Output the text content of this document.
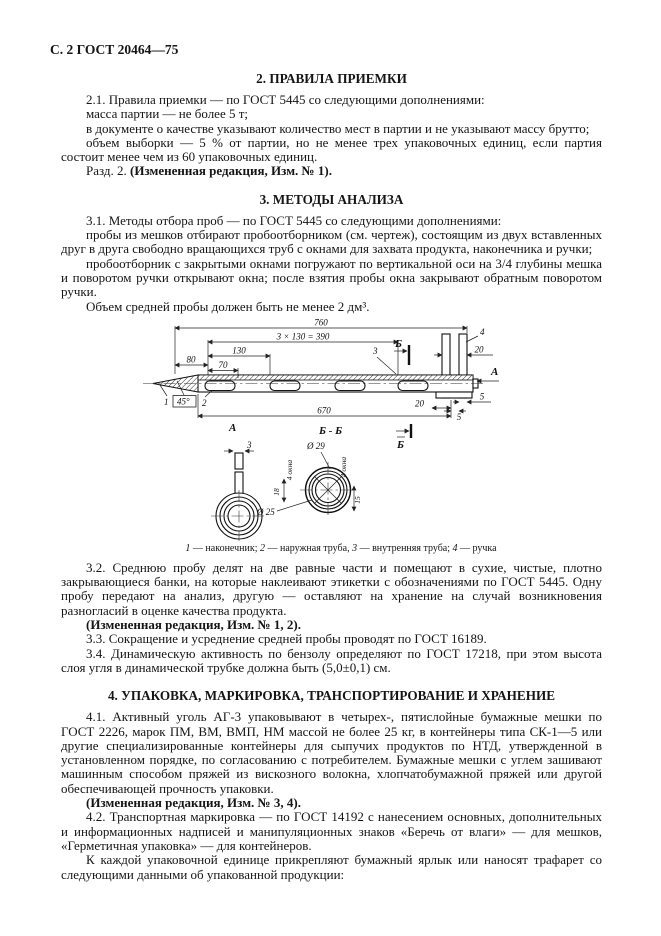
С. 2 ГОСТ 20464—75
2. ПРАВИЛА ПРИЕМКИ

2.1. Правила приемки — по ГОСТ 5445 со следующими дополнениями:

масса партии — не более 5 т;

в документе о качестве указывают количество мест в партии и не указывают массу брутто;

объем выборки — 5 % от партии, но не менее трех упаковочных единиц, если партия состоит менее чем из 60 упаковочных единиц.

Разд. 2. (Измененная редакция, Изм. № 1).

3. МЕТОДЫ АНАЛИЗА

3.1. Методы отбора проб — по ГОСТ 5445 со следующими дополнениями:

пробы из мешков отбирают пробоотборником (см. чертеж), состоящим из двух вставленных друг в друга свободно вращающихся труб с окнами для захвата продукта, наконечника и ручки;

пробоотборник с закрытыми окнами погружают по вертикальной оси на 3/4 глубины мешка и поворотом ручки открывают окна; после взятия пробы окна закрывают обратным поворотом ручки.

Объем средней пробы должен быть не менее 2 дм³.

760
3 × 130 = 390
130
80
70
670
20
5
20
5
1 45° 2
3
4
А
Б
А
3
Б - Б
Ø 29
Ø 25
4 окна
18
4 окна
15
Б
1 — наконечник; 2 — наружная труба, 3 — внутренняя труба; 4 — ручка

3.2. Среднюю пробу делят на две равные части и помещают в сухие, чистые, плотно закрывающиеся банки, на которые наклеивают этикетки с обозначениями по ГОСТ 5445. Одну пробу передают на анализ, другую — оставляют на хранение на случай возникновения разногласий в оценке качества продукта.

(Измененная редакция, Изм. № 1, 2).

3.3. Сокращение и усреднение средней пробы проводят по ГОСТ 16189.

3.4. Динамическую активность по бензолу определяют по ГОСТ 17218, при этом высота слоя угля в динамической трубке должна быть (5,0±0,1) см.

4. УПАКОВКА, МАРКИРОВКА, ТРАНСПОРТИРОВАНИЕ И ХРАНЕНИЕ

4.1. Активный уголь АГ-3 упаковывают в четырех-, пятислойные бумажные мешки по ГОСТ 2226, марок ПМ, ВМ, ВМП, НМ массой не более 25 кг, в контейнеры типа СК-1—5 или другие специализированные контейнеры для сыпучих продуктов по НТД, утвержденной в установленном порядке, по согласованию с потребителем. Бумажные мешки с углем зашивают машинным способом пряжей из вискозного волокна, хлопчатобумажной пряжей или другой обеспечивающей прочность упаковки.

(Измененная редакция, Изм. № 3, 4).

4.2. Транспортная маркировка — по ГОСТ 14192 с нанесением основных, дополнительных и информационных надписей и манипуляционных знаков «Беречь от влаги» — для мешков, «Герметичная упаковка» — для контейнеров.

К каждой упаковочной единице прикрепляют бумажный ярлык или наносят трафарет со следующими данными об упакованной продукции:
